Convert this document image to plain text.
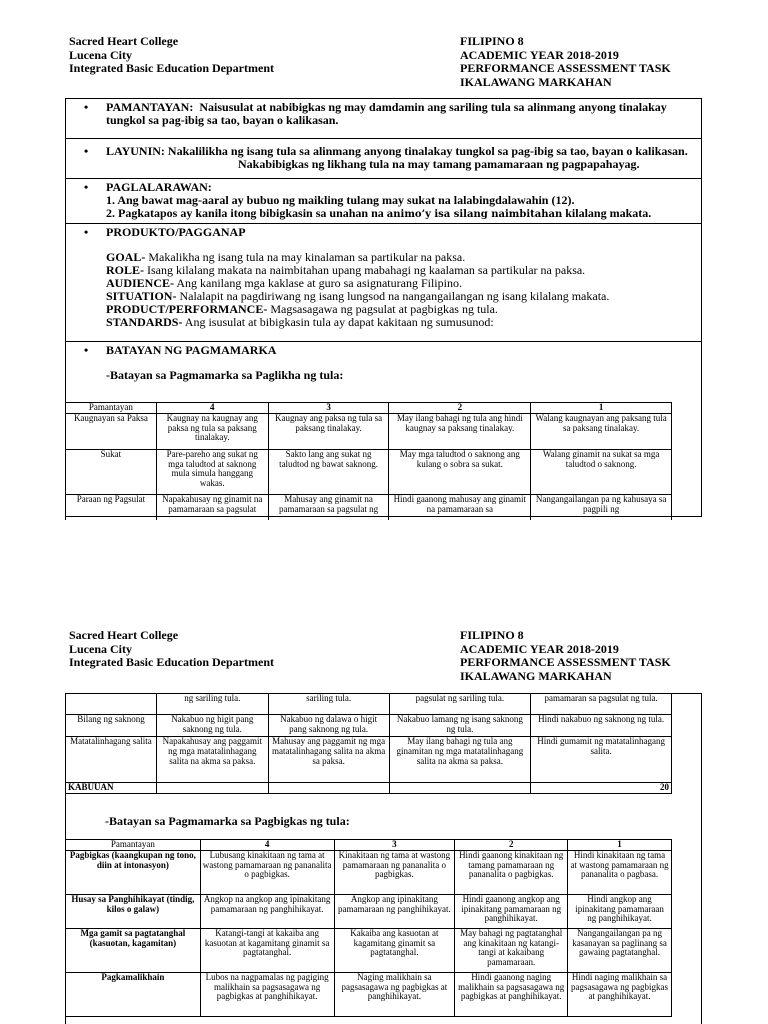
Sacred Heart College
Lucena City
Integrated Basic Education Department
FILIPINO 8
ACADEMIC YEAR 2018-2019
PERFORMANCE ASSESSMENT TASK
IKALAWANG MARKAHAN
• PAMANTAYAN: Naisusulat at nabibigkas ng may damdamin ang sariling tula sa alinmang anyong tinalakay tungkol sa pag-ibig sa tao, bayan o kalikasan.

• LAYUNIN: Nakalilikha ng isang tula sa alinmang anyong tinalakay tungkol sa pag-ibig sa tao, bayan o kalikasan.
Nakabibigkas ng likhang tula na may tamang pamamaraan ng pagpapahayag.

• PAGLALARAWAN:
1. Ang bawat mag-aaral ay bubuo ng maikling tulang may sukat na lalabingdalawahin (12).
2. Pagkatapos ay kanila itong bibigkasin sa unahan na animo’y isa silang naimbitahan kilalang makata.

• PRODUKTO/PAGGANAP
GOAL- Makalikha ng isang tula na may kinalaman sa partikular na paksa.
ROLE- Isang kilalang makata na naimbitahan upang mabahagi ng kaalaman sa partikular na paksa.
AUDIENCE- Ang kanilang mga kaklase at guro sa asignaturang Filipino.
SITUATION- Nalalapit na pagdiriwang ng isang lungsod na nangangailangan ng isang kilalang makata.
PRODUCT/PERFORMANCE- Magsasagawa ng pagsulat at pagbigkas ng tula.
STANDARDS- Ang isusulat at bibigkasin tula ay dapat kakitaan ng sumusunod:

• BATAYAN NG PAGMAMARKA
-Batayan sa Pagmamarka sa Paglikha ng tula:
Pamantayan	4	3	2	1
Kaugnayan sa Paksa	Kaugnay na kaugnay ang paksa ng tula sa paksang tinalakay.	Kaugnay ang paksa ng tula sa paksang tinalakay.	May ilang bahagi ng tula ang hindi kaugnay sa paksang tinalakay.	Walang kaugnayan ang paksang tula sa paksang tinalakay.
Sukat	Pare-pareho ang sukat ng mga taludtod at saknong mula simula hanggang wakas.	Sakto lang ang sukat ng taludtod ng bawat saknong.	May mga taludtod o saknong ang kulang o sobra sa sukat.	Walang ginamit na sukat sa mga taludtod o saknong.
Paraan ng Pagsulat	Napakahusay ng ginamit na pamamaraan sa pagsulat	Mahusay ang ginamit na pamamaraan sa pagsulat ng	Hindi gaanong mahusay ang ginamit na pamamaraan sa	Nangangailangan pa ng kahusaya sa pagpili ng
Sacred Heart College
Lucena City
Integrated Basic Education Department
FILIPINO 8
ACADEMIC YEAR 2018-2019
PERFORMANCE ASSESSMENT TASK
IKALAWANG MARKAHAN
	ng sariling tula.	sariling tula.	pagsulat ng sariling tula.	pamamaran sa pagsulat ng tula.
Bilang ng saknong	Nakabuo ng higit pang saknong ng tula.	Nakabuo ng dalawa o higit pang saknong ng tula.	Nakabuo lamang ng isang saknong ng tula.	Hindi nakabuo ng saknong ng tula.
Matatalinhagang salita	Napakahusay ang paggamit ng mga matatalinhagang salita na akma sa paksa.	Mahusay ang paggamit ng mga matatalinhagang salita na akma sa paksa.	May ilang bahagi ng tula ang ginamitan ng mga matatalinhagang salita na akma sa paksa.	Hindi gumamit ng matatalinhagang salita.
KABUUAN				20
-Batayan sa Pagmamarka sa Pagbigkas ng tula:
Pamantayan	4	3	2	1
Pagbigkas (kaangkupan ng tono, diin at intonasyon)	Lubusang kinakitaan ng tama at wastong pamamaraan ng pananalita o pagbigkas.	Kinakitaan ng tama at wastong pamamaraan ng pananalita o pagbigkas.	Hindi gaanong kinakitaan ng tamang pamamaraan ng pananalita o pagbigkas.	Hindi kinakitaan ng tama at wastong pamamaraan ng pananalita o pagbasa.
Husay sa Panghihikayat (tindig, kilos o galaw)	Angkop na angkop ang ipinakitang pamamaraan ng panghihikayat.	Angkop ang ipinakitang pamamaraan ng panghihikayat.	Hindi gaanong angkop ang ipinakitang pamamaraan ng panghihikayat.	Hindi angkop ang ipinakitang pamamaraan ng panghihikayat.
Mga gamit sa pagtatanghal (kasuotan, kagamitan)	Katangi-tangi at kakaiba ang kasuotan at kagamitang ginamit sa pagtatanghal.	Kakaiba ang kasuotan at kagamitang ginamit sa pagtatanghal.	May bahagi ng pagtatanghal ang kinakitaan ng katangi-tangi at kakaibang pamamaraan.	Nangangailangan pa ng kasanayan sa paglinang sa gawaing pagtatanghal.
Pagkamalikhain	Lubos na nagpamalas ng pagiging malikhain sa pagsasagawa ng pagbigkas at panghihikayat.	Naging malikhain sa pagsasagawa ng pagbigkas at panghihikayat.	Hindi gaanong naging malikhain sa pagsasagawa ng pagbigkas at panghihikayat.	Hindi naging malikhain sa pagsasagawa ng pagbigkas at panghihikayat.
